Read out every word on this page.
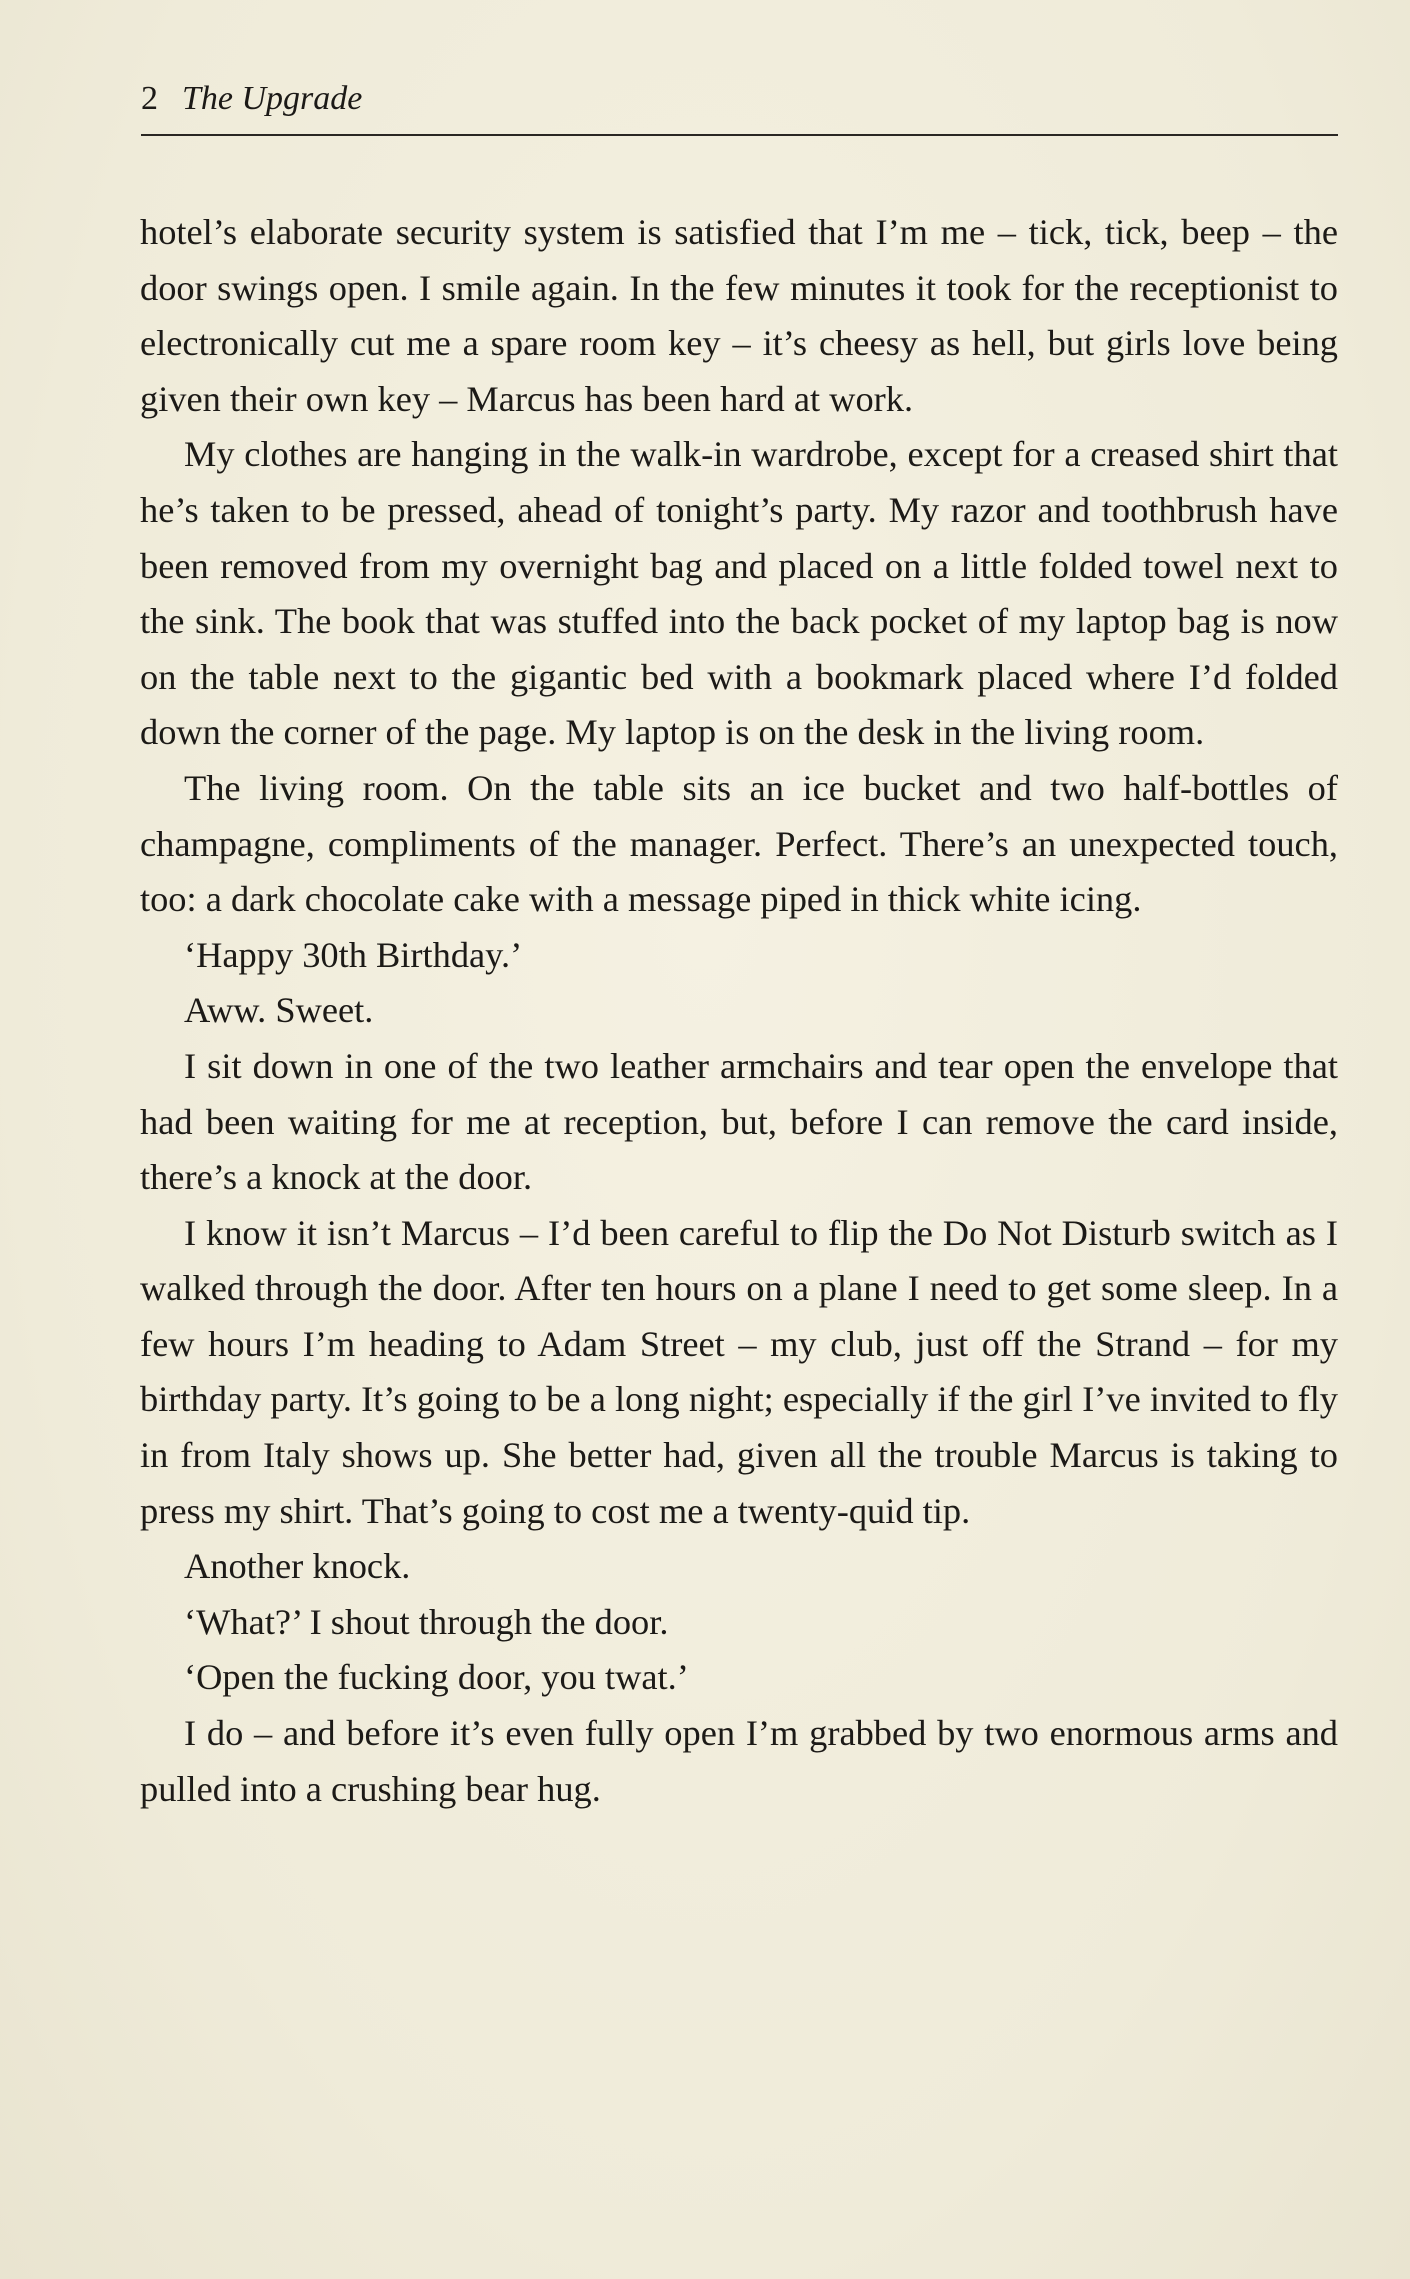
2 The Upgrade

hotel’s elaborate security system is satisfied that I’m me – tick, tick, beep – the door swings open. I smile again. In the few minutes it took for the receptionist to electronically cut me a spare room key – it’s cheesy as hell, but girls love being given their own key – Marcus has been hard at work.

My clothes are hanging in the walk-in wardrobe, except for a creased shirt that he’s taken to be pressed, ahead of tonight’s party. My razor and toothbrush have been removed from my overnight bag and placed on a little folded towel next to the sink. The book that was stuffed into the back pocket of my laptop bag is now on the table next to the gigantic bed with a bookmark placed where I’d folded down the corner of the page. My laptop is on the desk in the living room.

The living room. On the table sits an ice bucket and two half-bottles of champagne, compliments of the manager. Perfect. There’s an unexpected touch, too: a dark chocolate cake with a message piped in thick white icing.

‘Happy 30th Birthday.’

Aww. Sweet.

I sit down in one of the two leather armchairs and tear open the envelope that had been waiting for me at reception, but, before I can remove the card inside, there’s a knock at the door.

I know it isn’t Marcus – I’d been careful to flip the Do Not Disturb switch as I walked through the door. After ten hours on a plane I need to get some sleep. In a few hours I’m heading to Adam Street – my club, just off the Strand – for my birthday party. It’s going to be a long night; especially if the girl I’ve invited to fly in from Italy shows up. She better had, given all the trouble Marcus is taking to press my shirt. That’s going to cost me a twenty-quid tip.

Another knock.

‘What?’ I shout through the door.

‘Open the fucking door, you twat.’

I do – and before it’s even fully open I’m grabbed by two enormous arms and pulled into a crushing bear hug.
